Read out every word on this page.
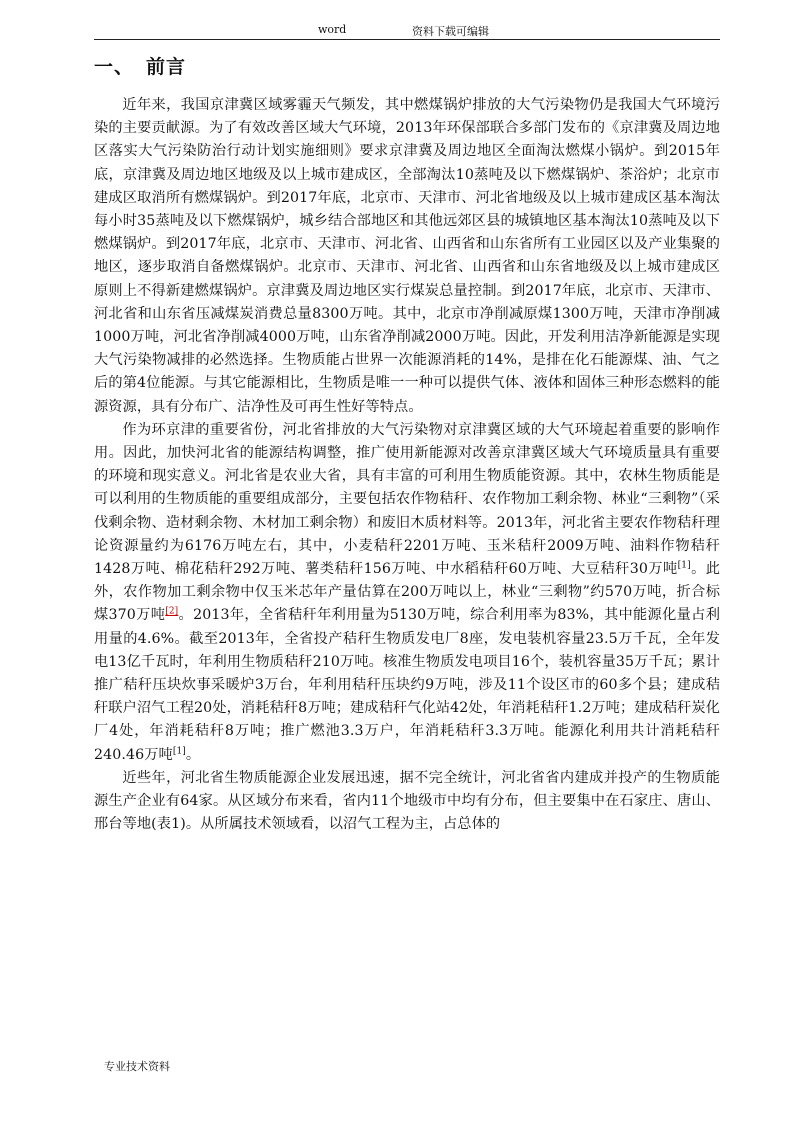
word	资料下载可编辑
一、 前言

近年来，我国京津冀区域雾霾天气频发，其中燃煤锅炉排放的大气污染物仍是我国大气环境污染的主要贡献源。为了有效改善区域大气环境，2013年环保部联合多部门发布的《京津冀及周边地区落实大气污染防治行动计划实施细则》要求京津冀及周边地区全面淘汰燃煤小锅炉。到2015年底，京津冀及周边地区地级及以上城市建成区，全部淘汰10蒸吨及以下燃煤锅炉、茶浴炉；北京市建成区取消所有燃煤锅炉。到2017年底，北京市、天津市、河北省地级及以上城市建成区基本淘汰每小时35蒸吨及以下燃煤锅炉，城乡结合部地区和其他远郊区县的城镇地区基本淘汰10蒸吨及以下燃煤锅炉。到2017年底，北京市、天津市、河北省、山西省和山东省所有工业园区以及产业集聚的地区，逐步取消自备燃煤锅炉。北京市、天津市、河北省、山西省和山东省地级及以上城市建成区原则上不得新建燃煤锅炉。京津冀及周边地区实行煤炭总量控制。到2017年底，北京市、天津市、河北省和山东省压减煤炭消费总量8300万吨。其中，北京市净削减原煤1300万吨，天津市净削减1000万吨，河北省净削减4000万吨，山东省净削减2000万吨。因此，开发利用洁净新能源是实现大气污染物减排的必然选择。生物质能占世界一次能源消耗的14%，是排在化石能源煤、油、气之后的第4位能源。与其它能源相比，生物质是唯一一种可以提供气体、液体和固体三种形态燃料的能源资源，具有分布广、洁净性及可再生性好等特点。

作为环京津的重要省份，河北省排放的大气污染物对京津冀区域的大气环境起着重要的影响作用。因此，加快河北省的能源结构调整，推广使用新能源对改善京津冀区域大气环境质量具有重要的环境和现实意义。河北省是农业大省，具有丰富的可利用生物质能资源。其中，农林生物质能是可以利用的生物质能的重要组成部分，主要包括农作物秸秆、农作物加工剩余物、林业“三剩物”（采伐剩余物、造材剩余物、木材加工剩余物）和废旧木质材料等。2013年，河北省主要农作物秸秆理论资源量约为6176万吨左右，其中，小麦秸秆2201万吨、玉米秸秆2009万吨、油料作物秸秆1428万吨、棉花秸秆292万吨、薯类秸秆156万吨、中水稻秸秆60万吨、大豆秸秆30万吨[1]。此外，农作物加工剩余物中仅玉米芯年产量估算在200万吨以上，林业“三剩物”约570万吨，折合标煤370万吨[2]。2013年，全省秸秆年利用量为5130万吨，综合利用率为83%，其中能源化量占利用量的4.6%。截至2013年，全省投产秸秆生物质发电厂8座，发电装机容量23.5万千瓦，全年发电13亿千瓦时，年利用生物质秸秆210万吨。核准生物质发电项目16个，装机容量35万千瓦；累计推广秸秆压块炊事采暖炉3万台，年利用秸秆压块约9万吨，涉及11个设区市的60多个县；建成秸秆联户沼气工程20处，消耗秸秆8万吨；建成秸秆气化站42处，年消耗秸秆1.2万吨；建成秸秆炭化厂4处，年消耗秸秆8万吨；推广燃池3.3万户，年消耗秸秆3.3万吨。能源化利用共计消耗秸秆240.46万吨[1]。

近些年，河北省生物质能源企业发展迅速，据不完全统计，河北省省内建成并投产的生物质能源生产企业有64家。从区域分布来看，省内11个地级市中均有分布，但主要集中在石家庄、唐山、邢台等地(表1)。从所属技术领域看，以沼气工程为主，占总体的

专业技术资料
